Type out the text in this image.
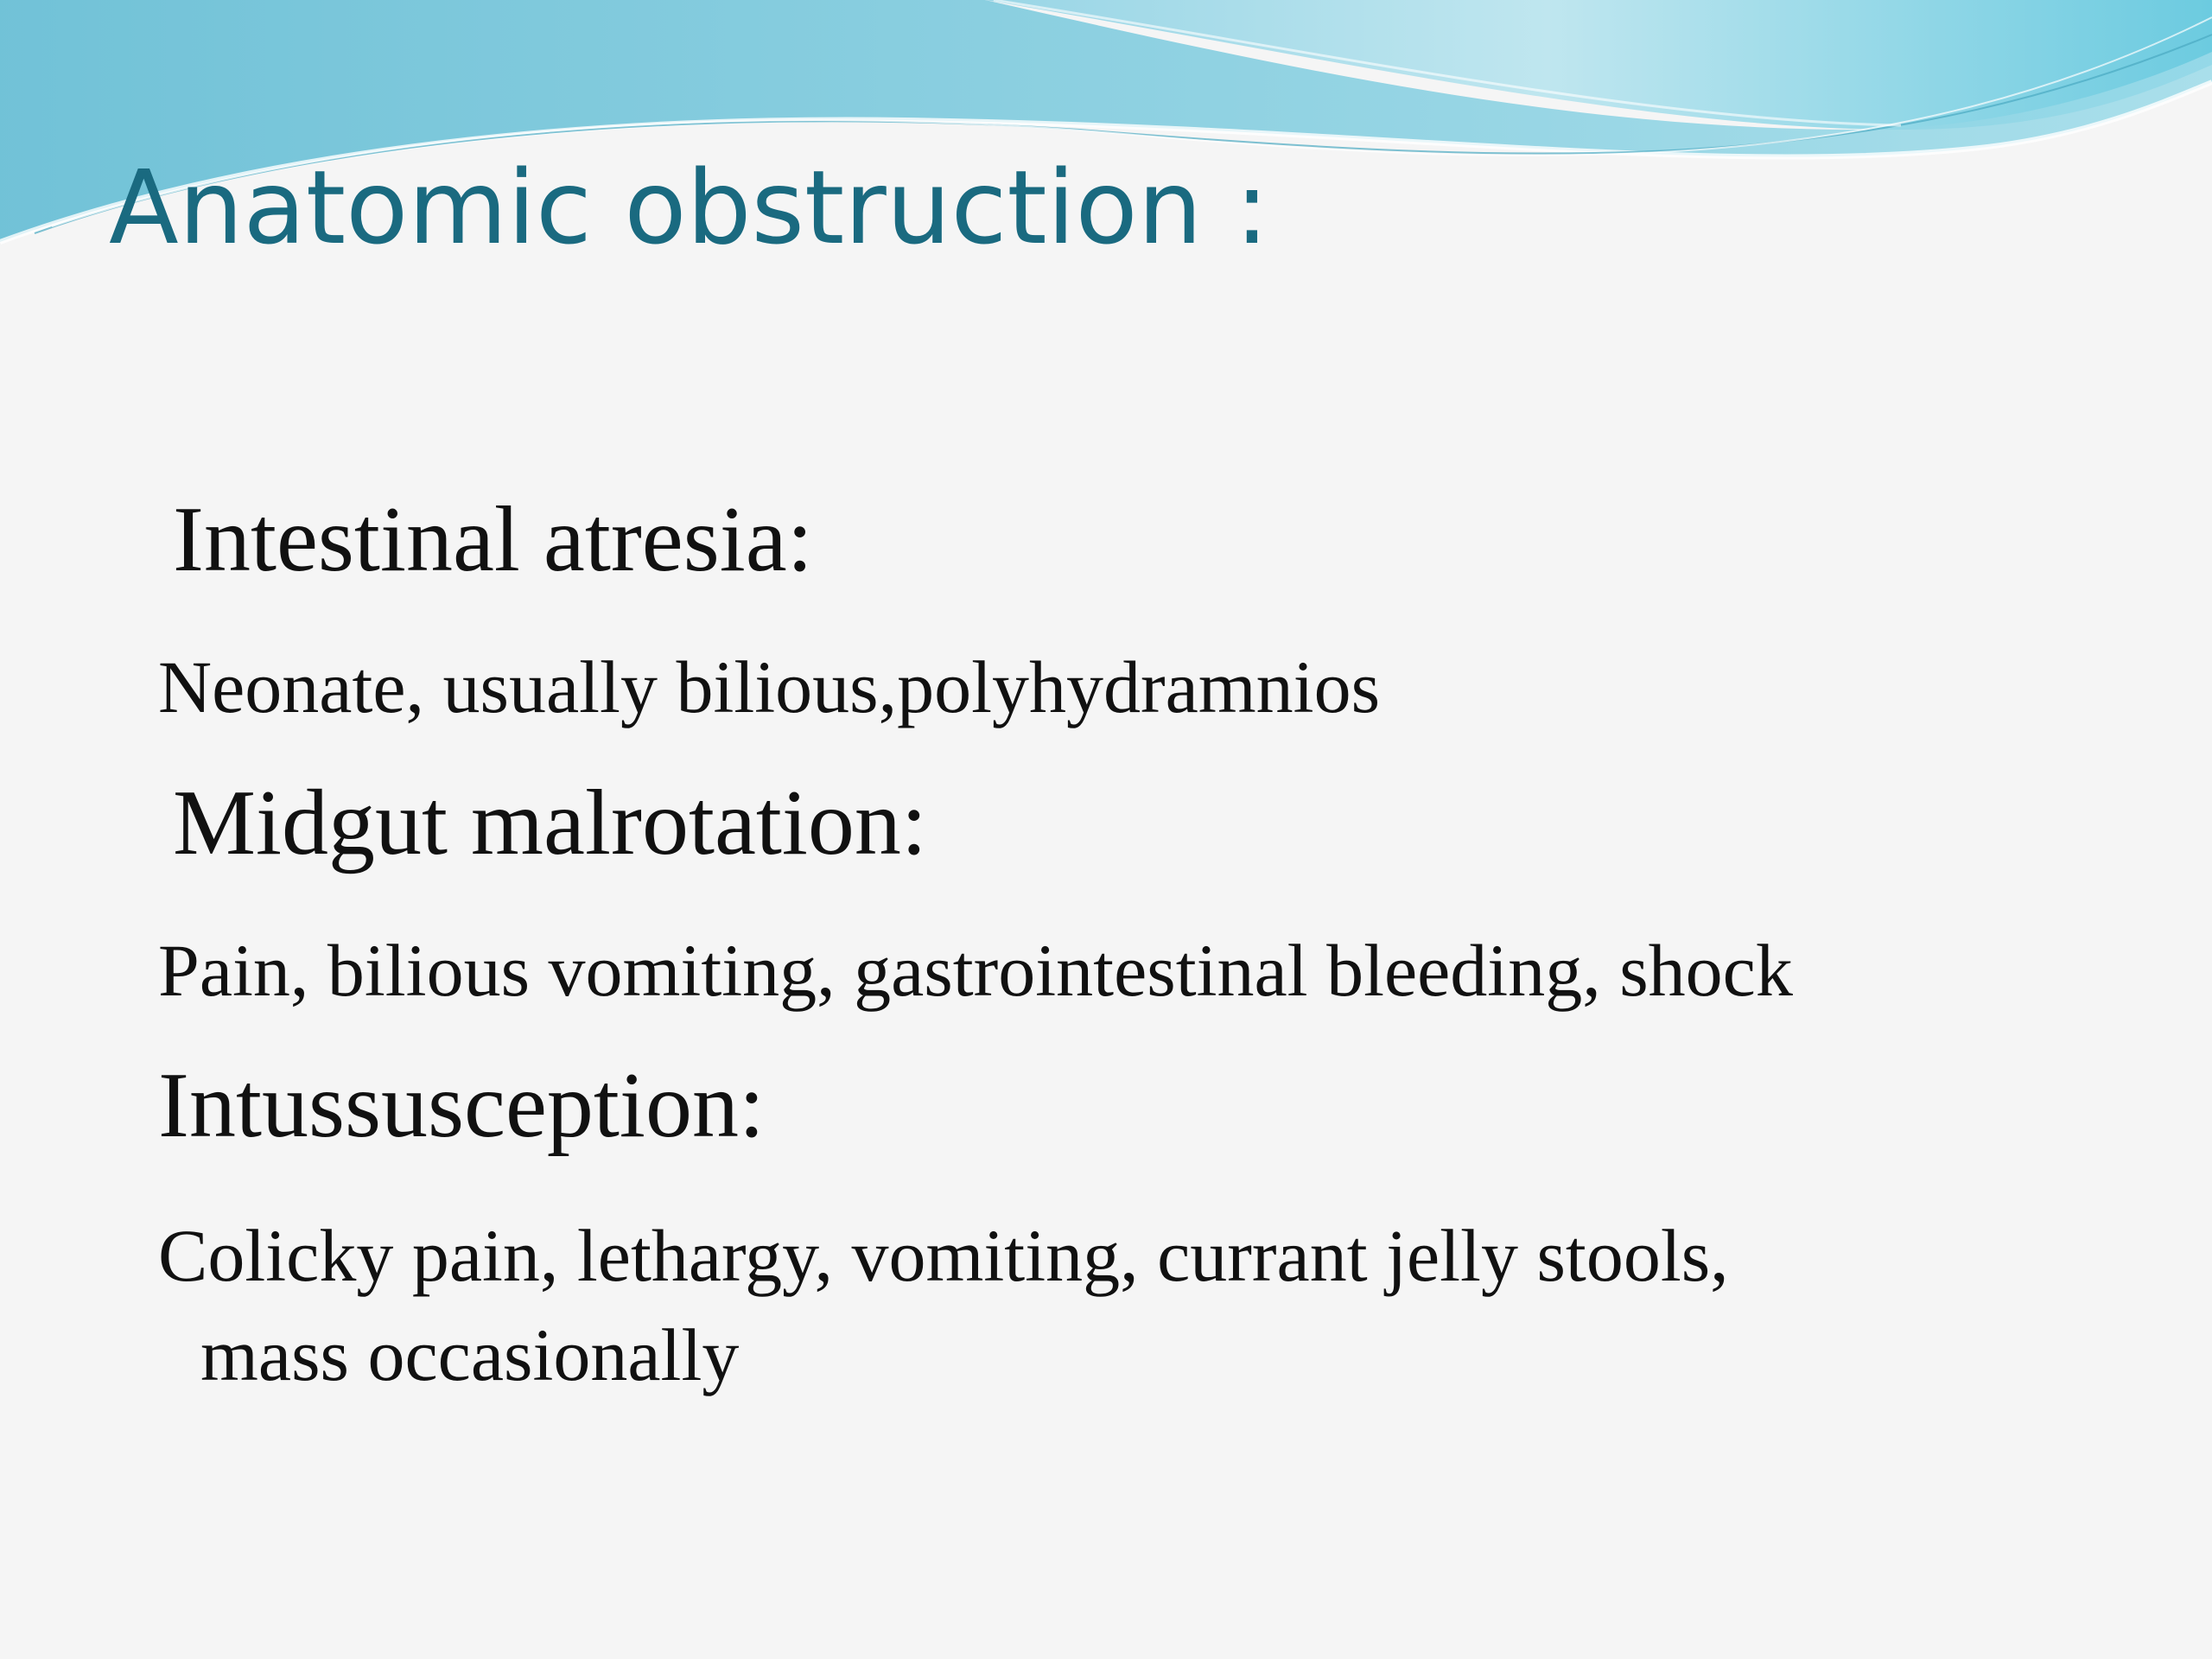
Anatomic obstruction :
Intestinal atresia:
Neonate, usually bilious,polyhydramnios
Midgut malrotation:
Pain, bilious vomiting, gastrointestinal bleeding, shock
Intussusception:
Colicky pain, lethargy, vomiting, currant jelly stools,
mass occasionally
